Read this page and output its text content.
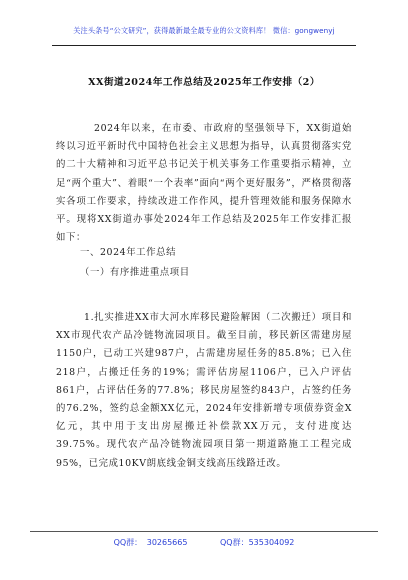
关注头条号“公文研究”，获得最新最全最专业的公文资料库！ 微信：gongwenyj
XX街道2024年工作总结及2025年工作安排（2）

2024年以来，在市委、市政府的坚强领导下，XX街道始终以习近平新时代中国特色社会主义思想为指导，认真贯彻落实党的二十大精神和习近平总书记关于机关事务工作重要指示精神，立足“两个重大”、着眼“一个表率”面向“两个更好服务”，严格贯彻落实各项工作要求，持续改进工作作风，提升管理效能和服务保障水平。现将XX街道办事处2024年工作总结及2025年工作安排汇报如下：

一、2024年工作总结
（一）有序推进重点项目

1.扎实推进XX市大河水库移民避险解困（二次搬迁）项目和XX市现代农产品冷链物流园项目。截至目前，移民新区需建房屋1150户，已动工兴建987户，占需建房屋任务的85.8%；已入住218户，占搬迁任务的19%；需评估房屋1106户，已入户评估861户，占评估任务的77.8%；移民房屋签约843户，占签约任务的76.2%，签约总金额XX亿元，2024年安排新增专项债券资金X亿元，其中用于支出房屋搬迁补偿款XX万元，支付进度达39.75%。现代农产品冷链物流园项目第一期道路施工工程完成95%，已完成10KV朗底线金铜支线高压线路迁改。

QQ群： 30265665	QQ群：535304092
